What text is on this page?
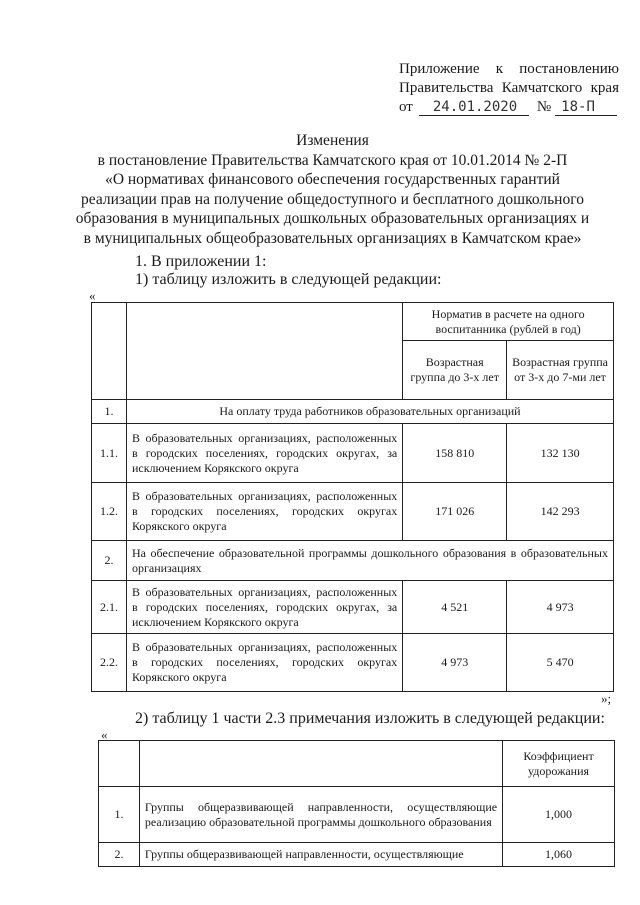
Приложение к постановлению
Правительства Камчатского края
от	24.01.2020	№ 18-П
Изменения
в постановление Правительства Камчатского края от 10.01.2014 № 2-П
«О нормативах финансового обеспечения государственных гарантий
реализации прав на получение общедоступного и бесплатного дошкольного
образования в муниципальных дошкольных образовательных организациях и
в муниципальных общеобразовательных организациях в Камчатском крае»
1. В приложении 1:
1) таблицу изложить в следующей редакции:
«
		Норматив в расчете на одного воспитанника (рублей в год)	
		Возрастная группа до 3-х лет	Возрастная группа от 3-х до 7-ми лет
1.	На оплату труда работников образовательных организаций		
1.1.	В образовательных организациях, расположенных в городских поселениях, городских округах, за исключением Корякского округа	158 810	132 130
1.2.	В образовательных организациях, расположенных в городских поселениях, городских округах Корякского округа	171 026	142 293
2.	На обеспечение образовательной программы дошкольного образования в образовательных организациях		
2.1.	В образовательных организациях, расположенных в городских поселениях, городских округах, за исключением Корякского округа	4 521	4 973
2.2.	В образовательных организациях, расположенных в городских поселениях, городских округах Корякского округа	4 973	5 470
»;
2) таблицу 1 части 2.3 примечания изложить в следующей редакции:
«
		Коэффициент удорожания
1.	Группы общеразвивающей направленности, осуществляющие реализацию образовательной программы дошкольного образования	1,000
2.	Группы общеразвивающей направленности, осуществляющие	1,060
